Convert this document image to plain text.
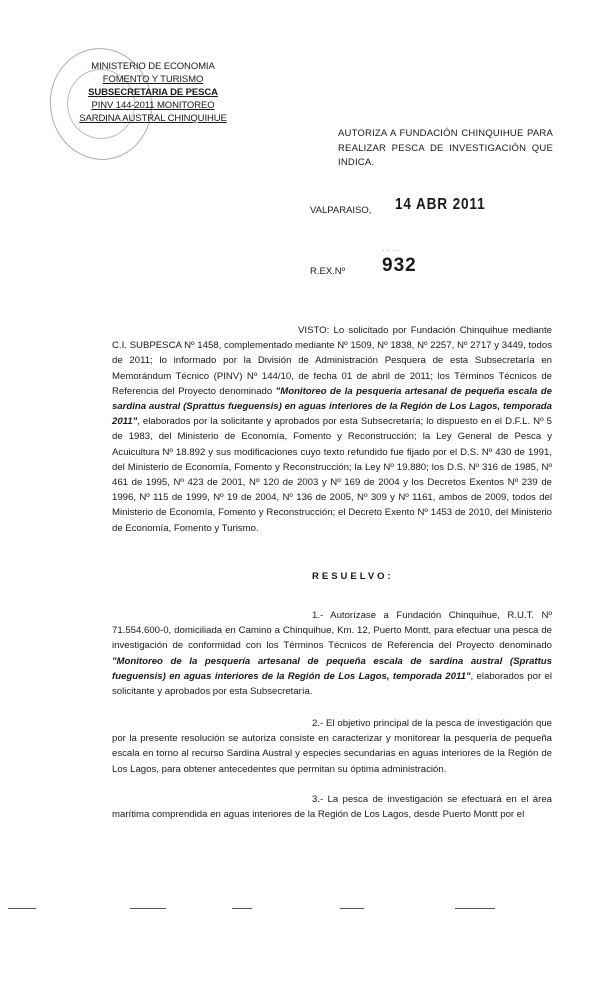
MINISTERIO DE ECONOMIA
FOMENTO Y TURISMO
SUBSECRETARIA DE PESCA
PINV 144-2011 MONITOREO
SARDINA AUSTRAL CHINQUIHUE
AUTORIZA A FUNDACIÓN CHINQUIHUE PARA REALIZAR PESCA DE INVESTIGACIÓN QUE INDICA.
VALPARAISO, 14 ABR 2011
· · · ·
R.EX.Nº 932
VISTO: Lo solicitado por Fundación Chinquihue mediante C.I. SUBPESCA Nº 1458, complementado mediante Nº 1509, Nº 1838, Nº 2257, Nº 2717 y 3449, todos de 2011; lo informado por la División de Administración Pesquera de esta Subsecretaría en Memorándum Técnico (PINV) Nº 144/10, de fecha 01 de abril de 2011; los Términos Técnicos de Referencia del Proyecto denominado "Monitoreo de la pesquería artesanal de pequeña escala de sardina austral (Sprattus fueguensis) en aguas interiores de la Región de Los Lagos, temporada 2011", elaborados por la solicitante y aprobados por esta Subsecretaría; lo dispuesto en el D.F.L. Nº 5 de 1983, del Ministerio de Economía, Fomento y Reconstrucción; la Ley General de Pesca y Acuicultura Nº 18.892 y sus modificaciones cuyo texto refundido fue fijado por el D.S. Nº 430 de 1991, del Ministerio de Economía, Fomento y Reconstrucción; la Ley Nº 19.880; los D.S. Nº 316 de 1985, Nº 461 de 1995, Nº 423 de 2001, Nº 120 de 2003 y Nº 169 de 2004 y los Decretos Exentos Nº 239 de 1996, Nº 115 de 1999, Nº 19 de 2004, Nº 136 de 2005, Nº 309 y Nº 1161, ambos de 2009, todos del Ministerio de Economía, Fomento y Reconstrucción; el Decreto Exento Nº 1453 de 2010, del Ministerio de Economía, Fomento y Turismo.
RESUELVO:
1.- Autorízase a Fundación Chinquihue, R.U.T. Nº 71.554.600-0, domiciliada en Camino a Chinquihue, Km. 12, Puerto Montt, para efectuar una pesca de investigación de conformidad con los Términos Técnicos de Referencia del Proyecto denominado "Monitoreo de la pesquería artesanal de pequeña escala de sardina austral (Sprattus fueguensis) en aguas interiores de la Región de Los Lagos, temporada 2011", elaborados por el solicitante y aprobados por esta Subsecretaría.
2.- El objetivo principal de la pesca de investigación que por la presente resolución se autoriza consiste en caracterizar y monitorear la pesquería de pequeña escala en torno al recurso Sardina Austral y especies secundarias en aguas interiores de la Región de Los Lagos, para obtener antecedentes que permitan su óptima administración.
3.- La pesca de investigación se efectuará en el área marítima comprendida en aguas interiores de la Región de Los Lagos, desde Puerto Montt por el
